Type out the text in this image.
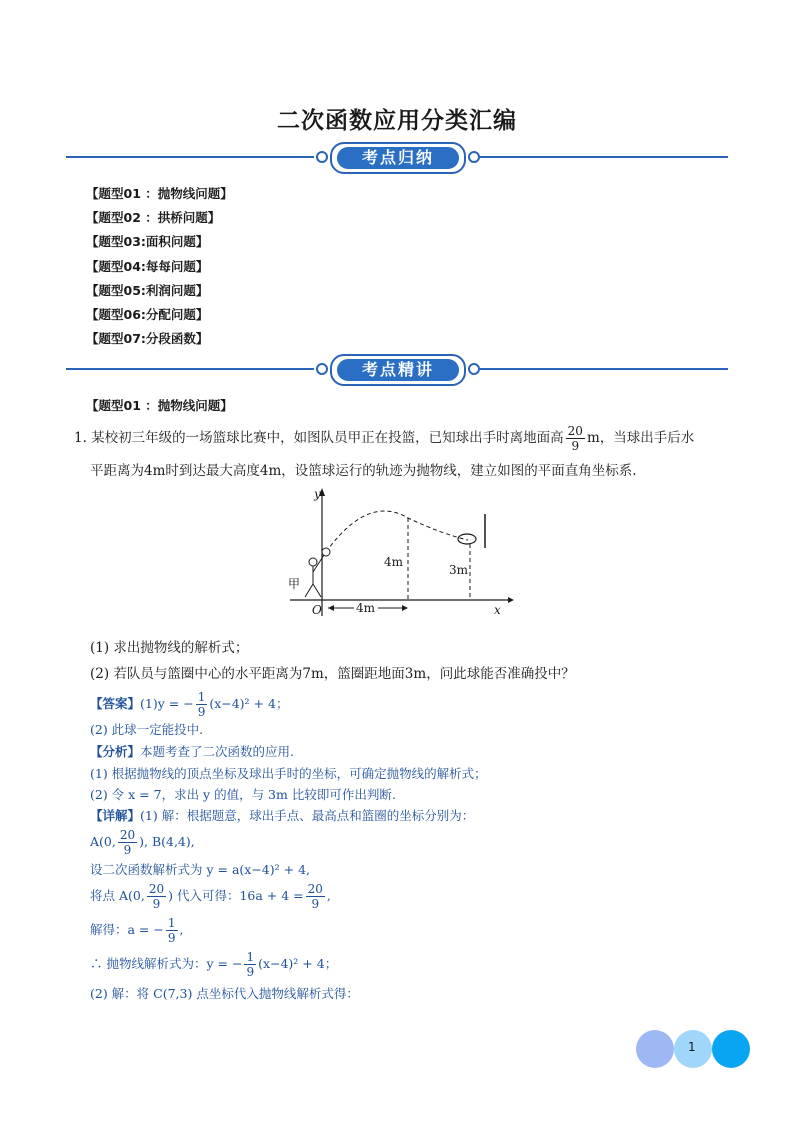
二次函数应用分类汇编
考点归纳
【题型01 ：抛物线问题】
【题型02 ：拱桥问题】
【题型03:面积问题】
【题型04:每每问题】
【题型05:利润问题】
【题型06:分配问题】
【题型07:分段函数】
考点精讲
【题型01 ：抛物线问题】
1. 某校初三年级的一场篮球比赛中，如图队员甲正在投篮，已知球出手时离地面高 $\frac{20}{9}$ m，当球出手后水
平距离为4m时到达最大高度4m，设篮球运行的轨迹为抛物线，建立如图的平面直角坐标系.
y
x
O
甲
4m
3m
4m
(1) 求出抛物线的解析式；
(2) 若队员与篮圈中心的水平距离为7m，篮圈距地面3m，问此球能否准确投中？
【答案】(1)y = − $\frac{1}{9} (x-4)^2 + 4$；
(2) 此球一定能投中.
【分析】本题考查了二次函数的应用.
(1) 根据抛物线的顶点坐标及球出手时的坐标，可确定抛物线的解析式；
(2) 令 x = 7，求出 y 的值，与 3m 比较即可作出判断.
【详解】(1) 解：根据题意，球出手点、最高点和篮圈的坐标分别为：
A(0, $\frac{20}{9}$ ), B(4,4),
设二次函数解析式为 y = a(x−4)² + 4,
将点 A(0, $\frac{20}{9}$ ) 代入可得：$16a + 4 = \frac{20}{9}$ ,
解得：a = − $\frac{1}{9}$ ,
∴ 抛物线解析式为：y = − $\frac{1}{9} (x-4)^2 + 4$；
(2) 解：将 C(7,3) 点坐标代入抛物线解析式得：
1
